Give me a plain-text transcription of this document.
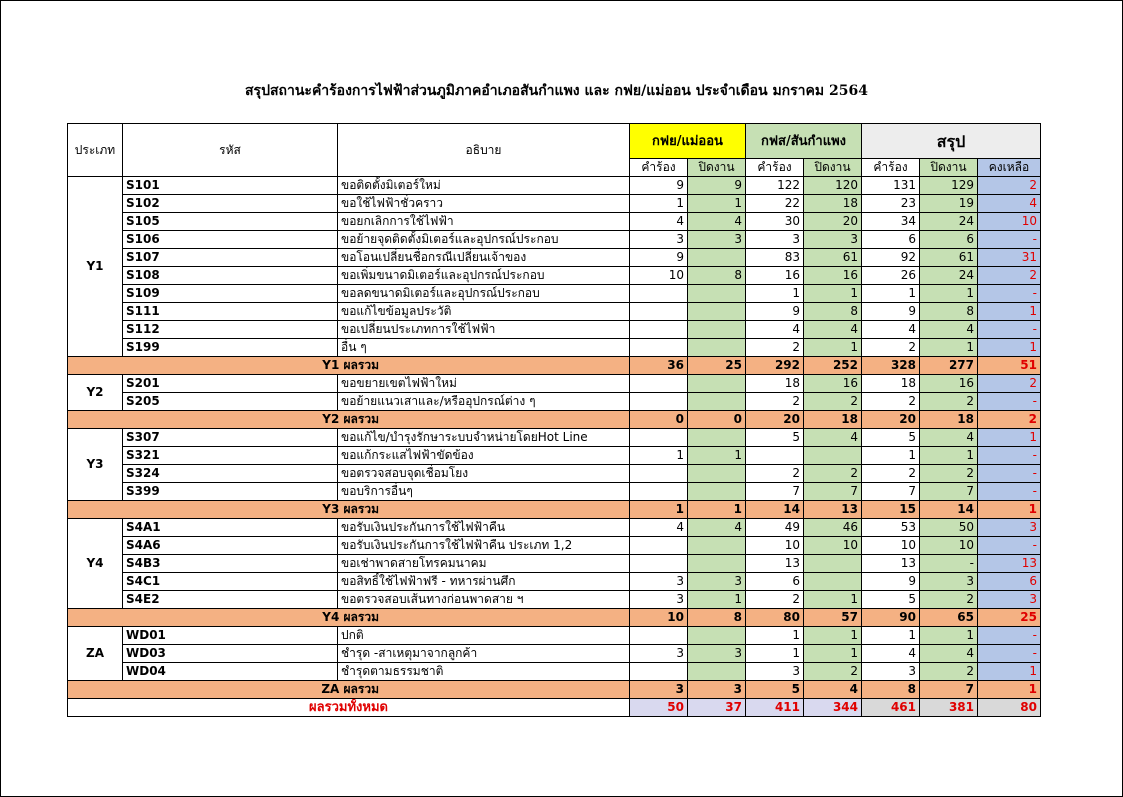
สรุปสถานะคำร้องการไฟฟ้าส่วนภูมิภาคอำเภอสันกำแพง และ กฟย/แม่ออน ประจำเดือน มกราคม 2564
ประเภท	รหัส	อธิบาย	กฟย/แม่ออน		กฟส/สันกำแพง		สรุป		
			คำร้อง	ปิดงาน	คำร้อง	ปิดงาน	คำร้อง	ปิดงาน	คงเหลือ
Y1	S101	ขอติดตั้งมิเตอร์ใหม่	9	9	122	120	131	129	2
	S102	ขอใช้ไฟฟ้าชั่วคราว	1	1	22	18	23	19	4
	S105	ขอยกเลิกการใช้ไฟฟ้า	4	4	30	20	34	24	10
	S106	ขอย้ายจุดติดตั้งมิเตอร์และอุปกรณ์ประกอบ	3	3	3	3	6	6	-
	S107	ขอโอนเปลี่ยนชื่อกรณีเปลี่ยนเจ้าของ	9		83	61	92	61	31
	S108	ขอเพิ่มขนาดมิเตอร์และอุปกรณ์ประกอบ	10	8	16	16	26	24	2
	S109	ขอลดขนาดมิเตอร์และอุปกรณ์ประกอบ			1	1	1	1	-
	S111	ขอแก้ไขข้อมูลประวัติ			9	8	9	8	1
	S112	ขอเปลี่ยนประเภทการใช้ไฟฟ้า			4	4	4	4	-
	S199	อื่น ๆ			2	1	2	1	1
Y1 ผลรวม			36	25	292	252	328	277	51
Y2	S201	ขอขยายเขตไฟฟ้าใหม่			18	16	18	16	2
	S205	ขอย้ายแนวเสาและ/หรืออุปกรณ์ต่าง ๆ			2	2	2	2	-
Y2 ผลรวม			0	0	20	18	20	18	2
Y3	S307	ขอแก้ไข/บำรุงรักษาระบบจำหน่ายโดยHot Line			5	4	5	4	1
	S321	ขอแก้กระแสไฟฟ้าขัดข้อง	1	1			1	1	-
	S324	ขอตรวจสอบจุดเชื่อมโยง			2	2	2	2	-
	S399	ขอบริการอื่นๆ			7	7	7	7	-
Y3 ผลรวม			1	1	14	13	15	14	1
Y4	S4A1	ขอรับเงินประกันการใช้ไฟฟ้าคืน	4	4	49	46	53	50	3
	S4A6	ขอรับเงินประกันการใช้ไฟฟ้าคืน ประเภท 1,2			10	10	10	10	-
	S4B3	ขอเช่าพาดสายโทรคมนาคม			13		13	-	13
	S4C1	ขอสิทธิ์ใช้ไฟฟ้าฟรี - ทหารผ่านศึก	3	3	6		9	3	6
	S4E2	ขอตรวจสอบเส้นทางก่อนพาดสาย ฯ	3	1	2	1	5	2	3
Y4 ผลรวม			10	8	80	57	90	65	25
ZA	WD01	ปกติ			1	1	1	1	-
	WD03	ชำรุด -สาเหตุมาจากลูกค้า	3	3	1	1	4	4	-
	WD04	ชำรุดตามธรรมชาติ			3	2	3	2	1
ZA ผลรวม			3	3	5	4	8	7	1
ผลรวมทั้งหมด			50	37	411	344	461	381	80
